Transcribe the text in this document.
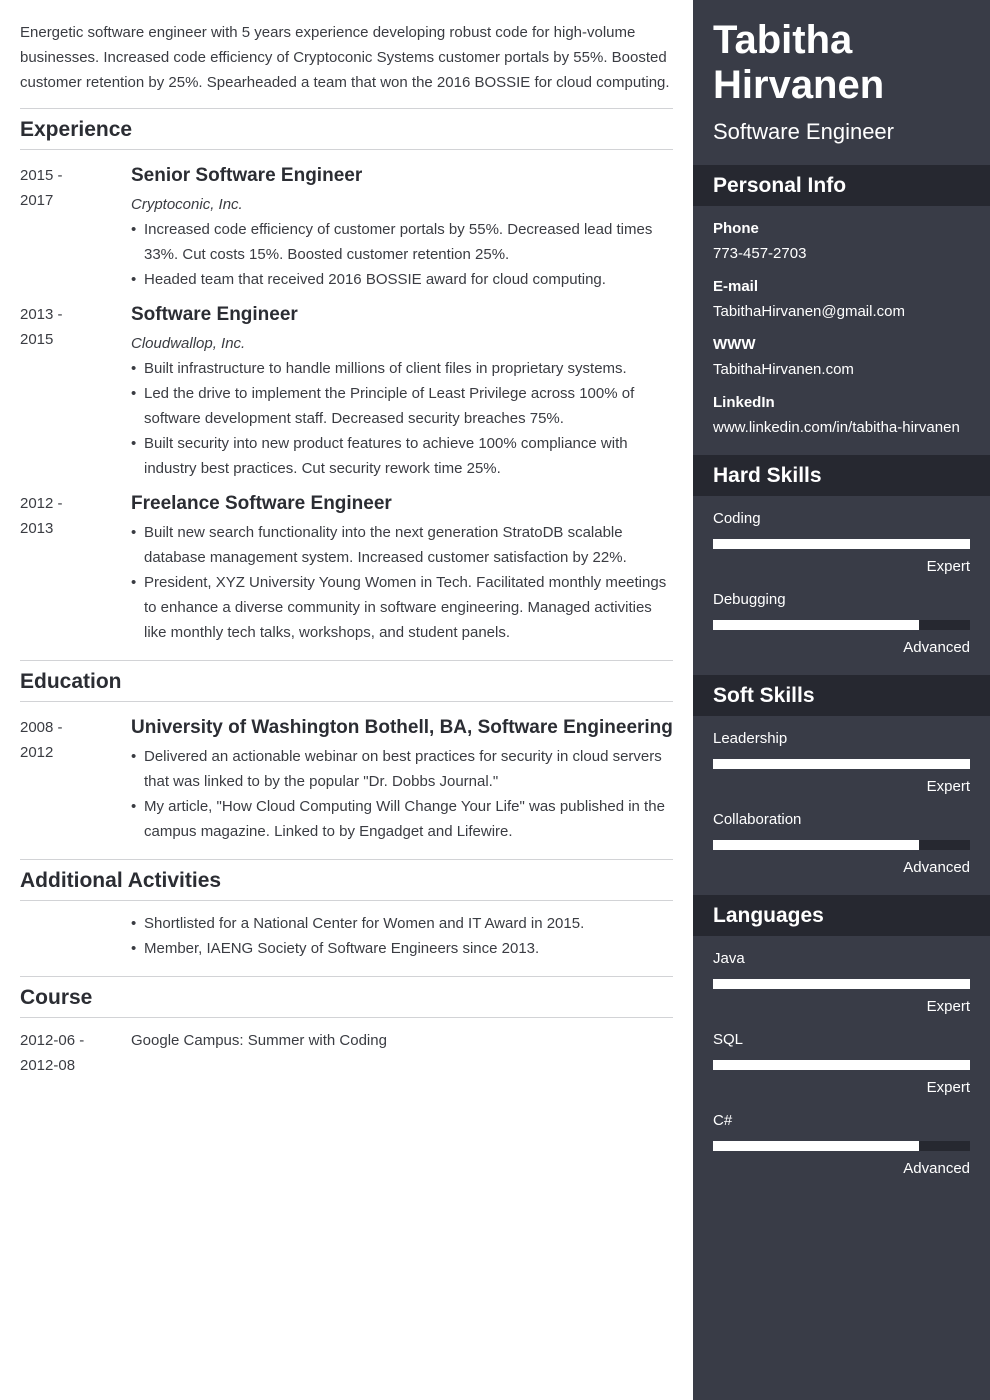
Energetic software engineer with 5 years experience developing robust code for high-volume businesses. Increased code efficiency of Cryptoconic Systems customer portals by 55%. Boosted customer retention by 25%. Spearheaded a team that won the 2016 BOSSIE for cloud computing.

Experience
2015 -
2017
Senior Software Engineer
Cryptoconic, Inc.
• Increased code efficiency of customer portals by 55%. Decreased lead times 33%. Cut costs 15%. Boosted customer retention 25%.
• Headed team that received 2016 BOSSIE award for cloud computing.
2013 -
2015
Software Engineer
Cloudwallop, Inc.
• Built infrastructure to handle millions of client files in proprietary systems.
• Led the drive to implement the Principle of Least Privilege across 100% of software development staff. Decreased security breaches 75%.
• Built security into new product features to achieve 100% compliance with industry best practices. Cut security rework time 25%.
2012 -
2013
Freelance Software Engineer
• Built new search functionality into the next generation StratoDB scalable database management system. Increased customer satisfaction by 22%.
• President, XYZ University Young Women in Tech. Facilitated monthly meetings to enhance a diverse community in software engineering. Managed activities like monthly tech talks, workshops, and student panels.
Education
2008 -
2012
University of Washington Bothell, BA, Software Engineering
• Delivered an actionable webinar on best practices for security in cloud servers that was linked to by the popular "Dr. Dobbs Journal."
• My article, "How Cloud Computing Will Change Your Life" was published in the campus magazine. Linked to by Engadget and Lifewire.
Additional Activities
• Shortlisted for a National Center for Women and IT Award in 2015.
• Member, IAENG Society of Software Engineers since 2013.
Course
2012-06 -
2012-08
Google Campus: Summer with Coding
Tabitha Hirvanen
Software Engineer
Personal Info
Phone
773-457-2703
E-mail
TabithaHirvanen@gmail.com
WWW
TabithaHirvanen.com
LinkedIn
www.linkedin.com/in/tabitha-hirvanen
Hard Skills
Coding
Expert
Debugging
Advanced
Soft Skills
Leadership
Expert
Collaboration
Advanced
Languages
Java
Expert
SQL
Expert
C#
Advanced
